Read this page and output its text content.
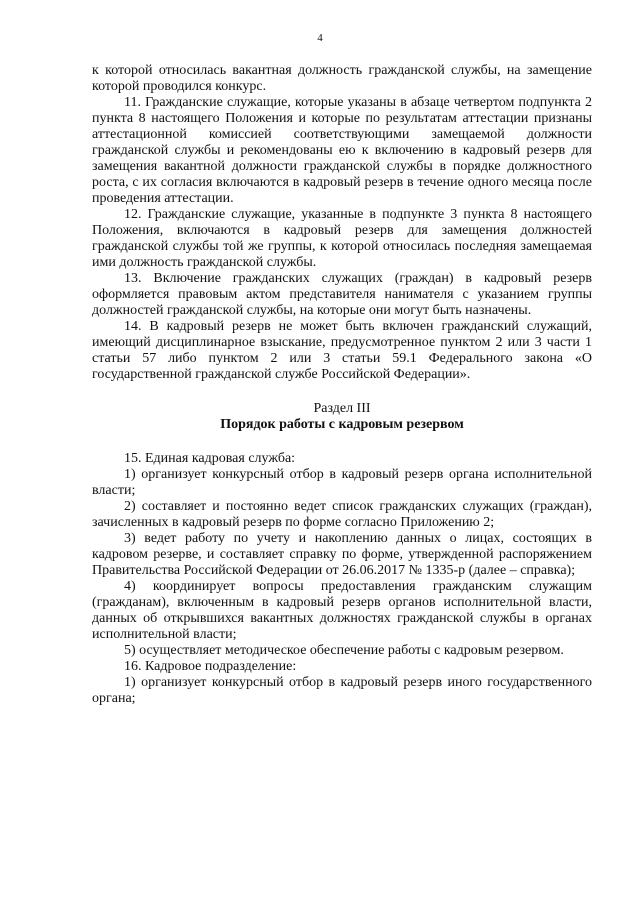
4

к которой относилась вакантная должность гражданской службы, на замещение которой проводился конкурс.

11. Гражданские служащие, которые указаны в абзаце четвертом подпункта 2 пункта 8 настоящего Положения и которые по результатам аттестации признаны аттестационной комиссией соответствующими замещаемой должности гражданской службы и рекомендованы ею к включению в кадровый резерв для замещения вакантной должности гражданской службы в порядке должностного роста, с их согласия включаются в кадровый резерв в течение одного месяца после проведения аттестации.

12. Гражданские служащие, указанные в подпункте 3 пункта 8 настоящего Положения, включаются в кадровый резерв для замещения должностей гражданской службы той же группы, к которой относилась последняя замещаемая ими должность гражданской службы.

13. Включение гражданских служащих (граждан) в кадровый резерв оформляется правовым актом представителя нанимателя с указанием группы должностей гражданской службы, на которые они могут быть назначены.

14. В кадровый резерв не может быть включен гражданский служащий, имеющий дисциплинарное взыскание, предусмотренное пунктом 2 или 3 части 1 статьи 57 либо пунктом 2 или 3 статьи 59.1 Федерального закона «О государственной гражданской службе Российской Федерации».

Раздел III

Порядок работы с кадровым резервом

15. Единая кадровая служба:

1) организует конкурсный отбор в кадровый резерв органа исполнительной власти;

2) составляет и постоянно ведет список гражданских служащих (граждан), зачисленных в кадровый резерв по форме согласно Приложению 2;

3) ведет работу по учету и накоплению данных о лицах, состоящих в кадровом резерве, и составляет справку по форме, утвержденной распоряжением Правительства Российской Федерации от 26.06.2017 № 1335-р (далее – справка);

4) координирует вопросы предоставления гражданским служащим (гражданам), включенным в кадровый резерв органов исполнительной власти, данных об открывшихся вакантных должностях гражданской службы в органах исполнительной власти;

5) осуществляет методическое обеспечение работы с кадровым резервом.

16. Кадровое подразделение:

1) организует конкурсный отбор в кадровый резерв иного государственного органа;
